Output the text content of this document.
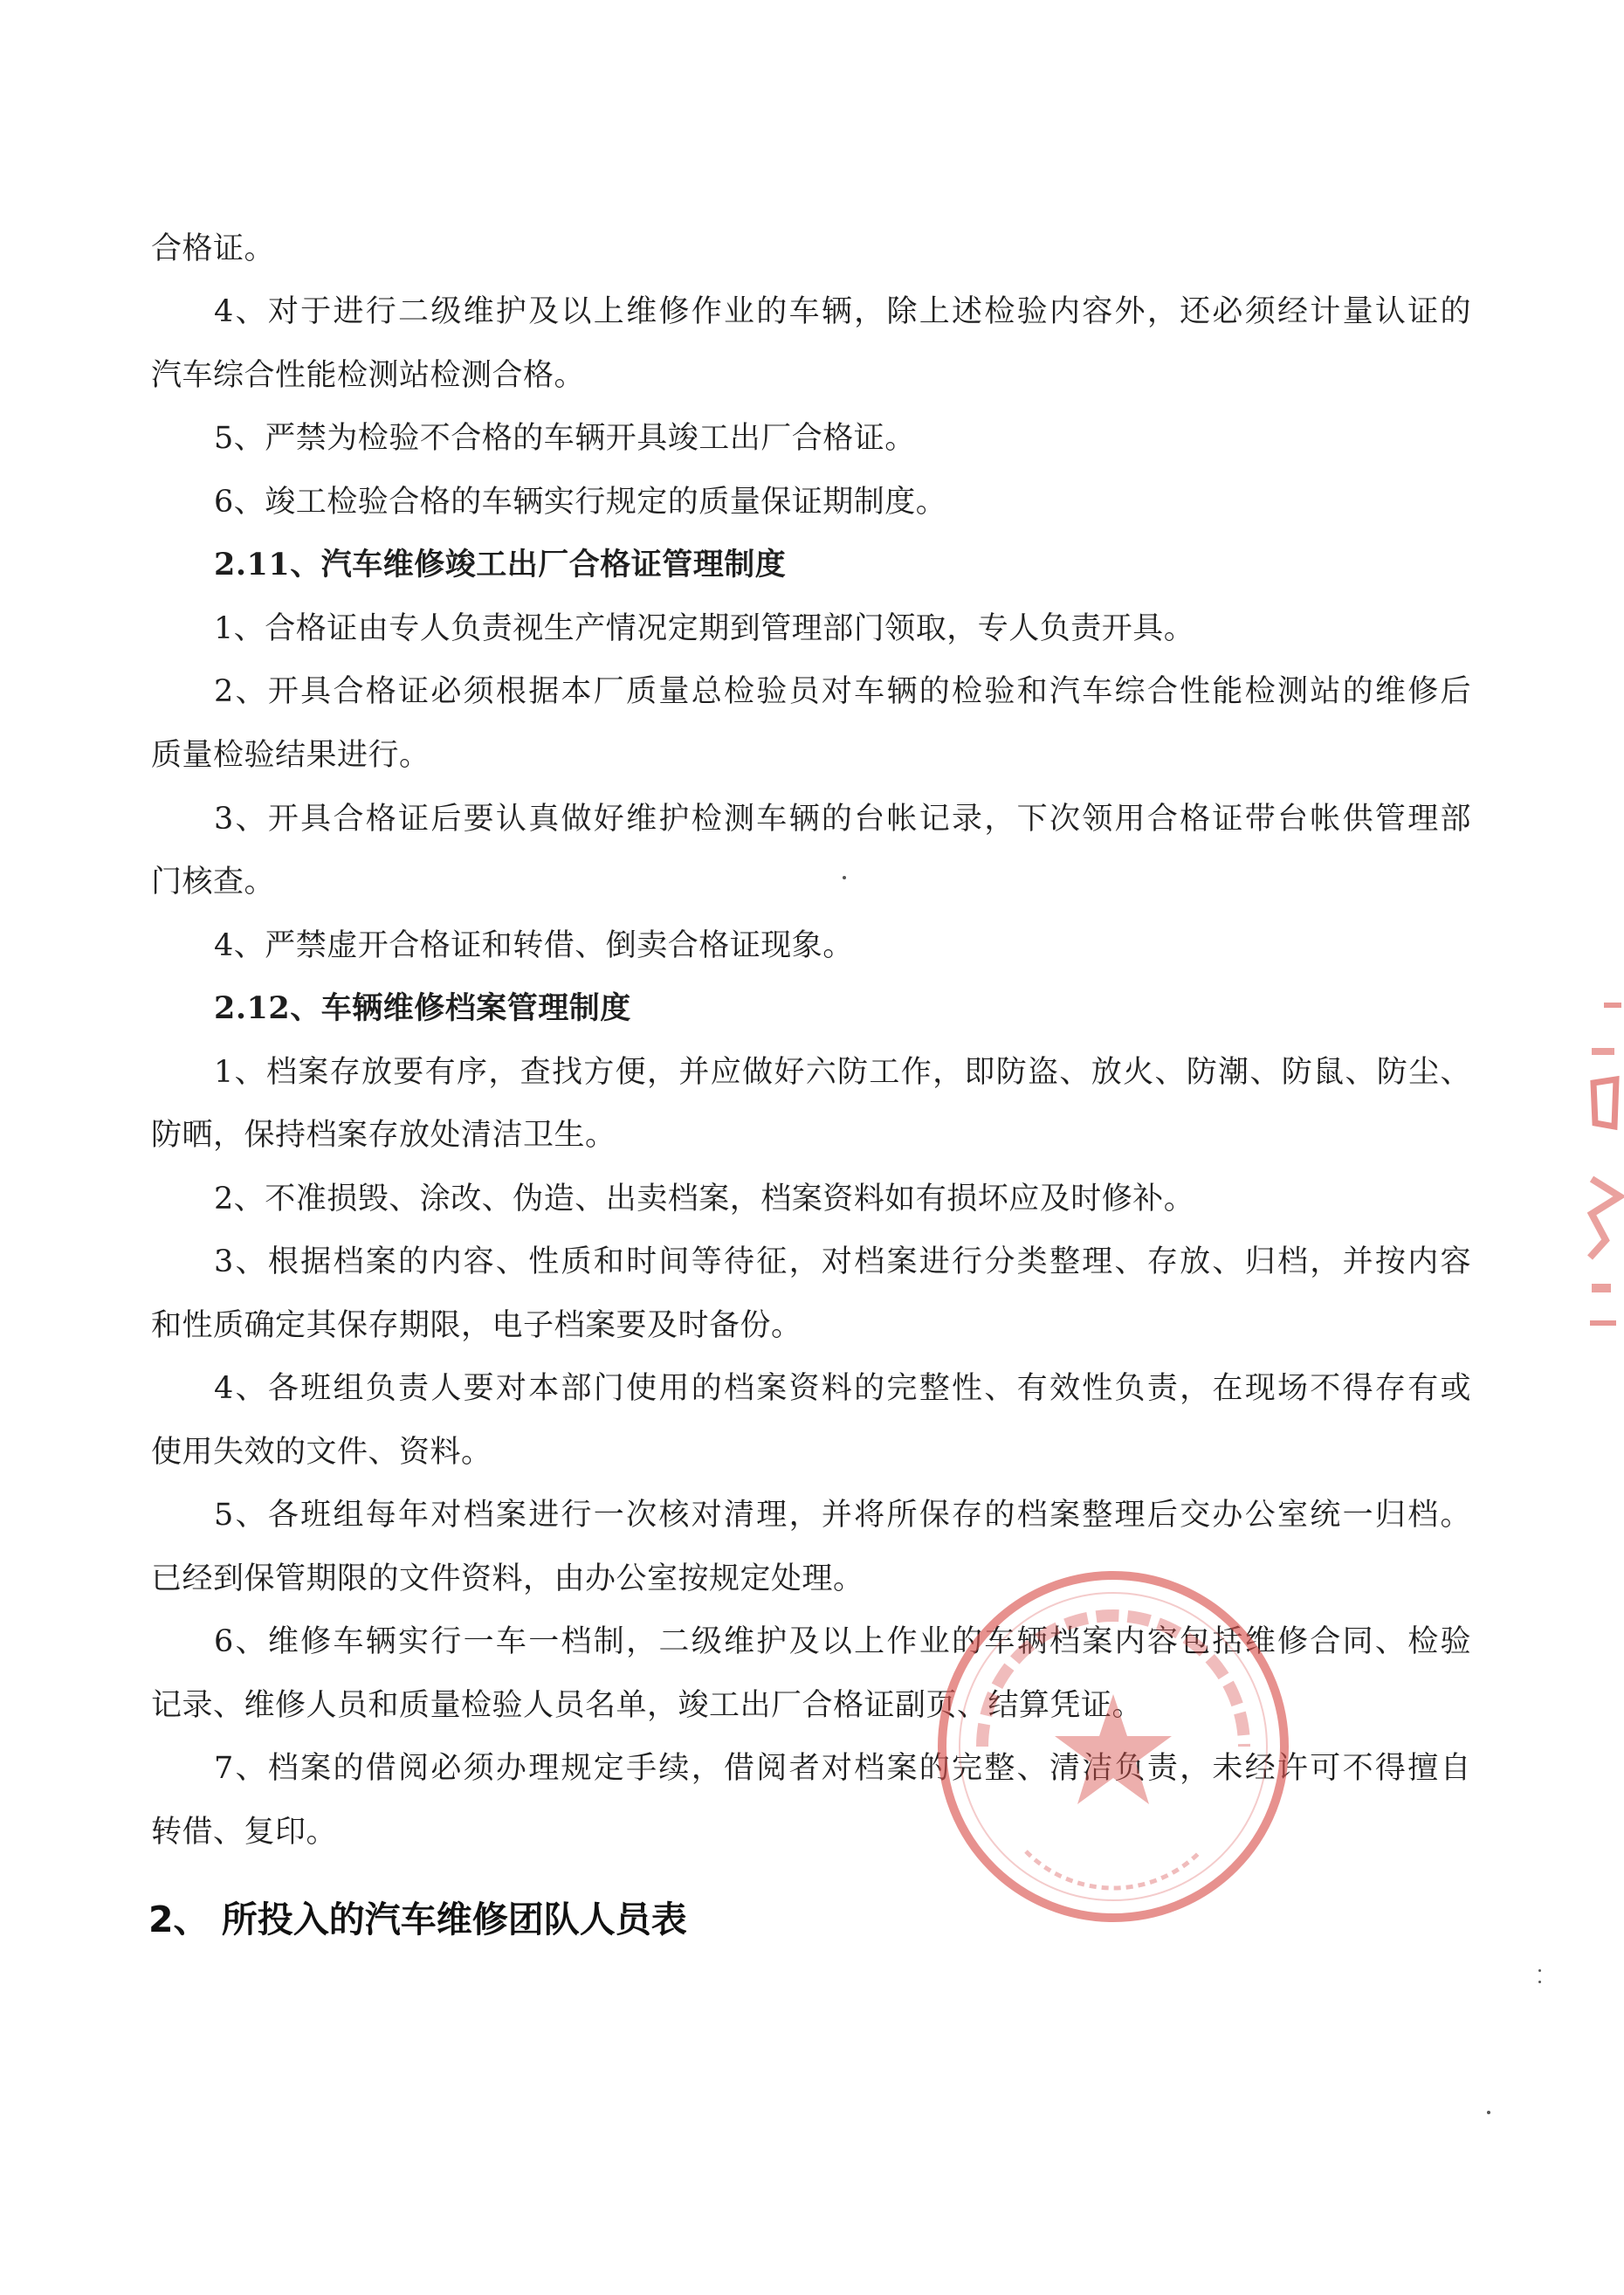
合格证。
4、对于进行二级维护及以上维修作业的车辆，除上述检验内容外，还必须经计量认证的
汽车综合性能检测站检测合格。
5、严禁为检验不合格的车辆开具竣工出厂合格证。
6、竣工检验合格的车辆实行规定的质量保证期制度。
2.11、汽车维修竣工出厂合格证管理制度
1、合格证由专人负责视生产情况定期到管理部门领取，专人负责开具。
2、开具合格证必须根据本厂质量总检验员对车辆的检验和汽车综合性能检测站的维修后
质量检验结果进行。
3、开具合格证后要认真做好维护检测车辆的台帐记录，下次领用合格证带台帐供管理部
门核查。
4、严禁虚开合格证和转借、倒卖合格证现象。
2.12、车辆维修档案管理制度
1、档案存放要有序，查找方便，并应做好六防工作，即防盗、放火、防潮、防鼠、防尘、
防晒，保持档案存放处清洁卫生。
2、不准损毁、涂改、伪造、出卖档案，档案资料如有损坏应及时修补。
3、根据档案的内容、性质和时间等待征，对档案进行分类整理、存放、归档，并按内容
和性质确定其保存期限，电子档案要及时备份。
4、各班组负责人要对本部门使用的档案资料的完整性、有效性负责，在现场不得存有或
使用失效的文件、资料。
5、各班组每年对档案进行一次核对清理，并将所保存的档案整理后交办公室统一归档。
已经到保管期限的文件资料，由办公室按规定处理。
6、维修车辆实行一车一档制，二级维护及以上作业的车辆档案内容包括维修合同、检验
记录、维修人员和质量检验人员名单，竣工出厂合格证副页、结算凭证。
7、档案的借阅必须办理规定手续，借阅者对档案的完整、清洁负责，未经许可不得擅自
转借、复印。
2、 所投入的汽车维修团队人员表
